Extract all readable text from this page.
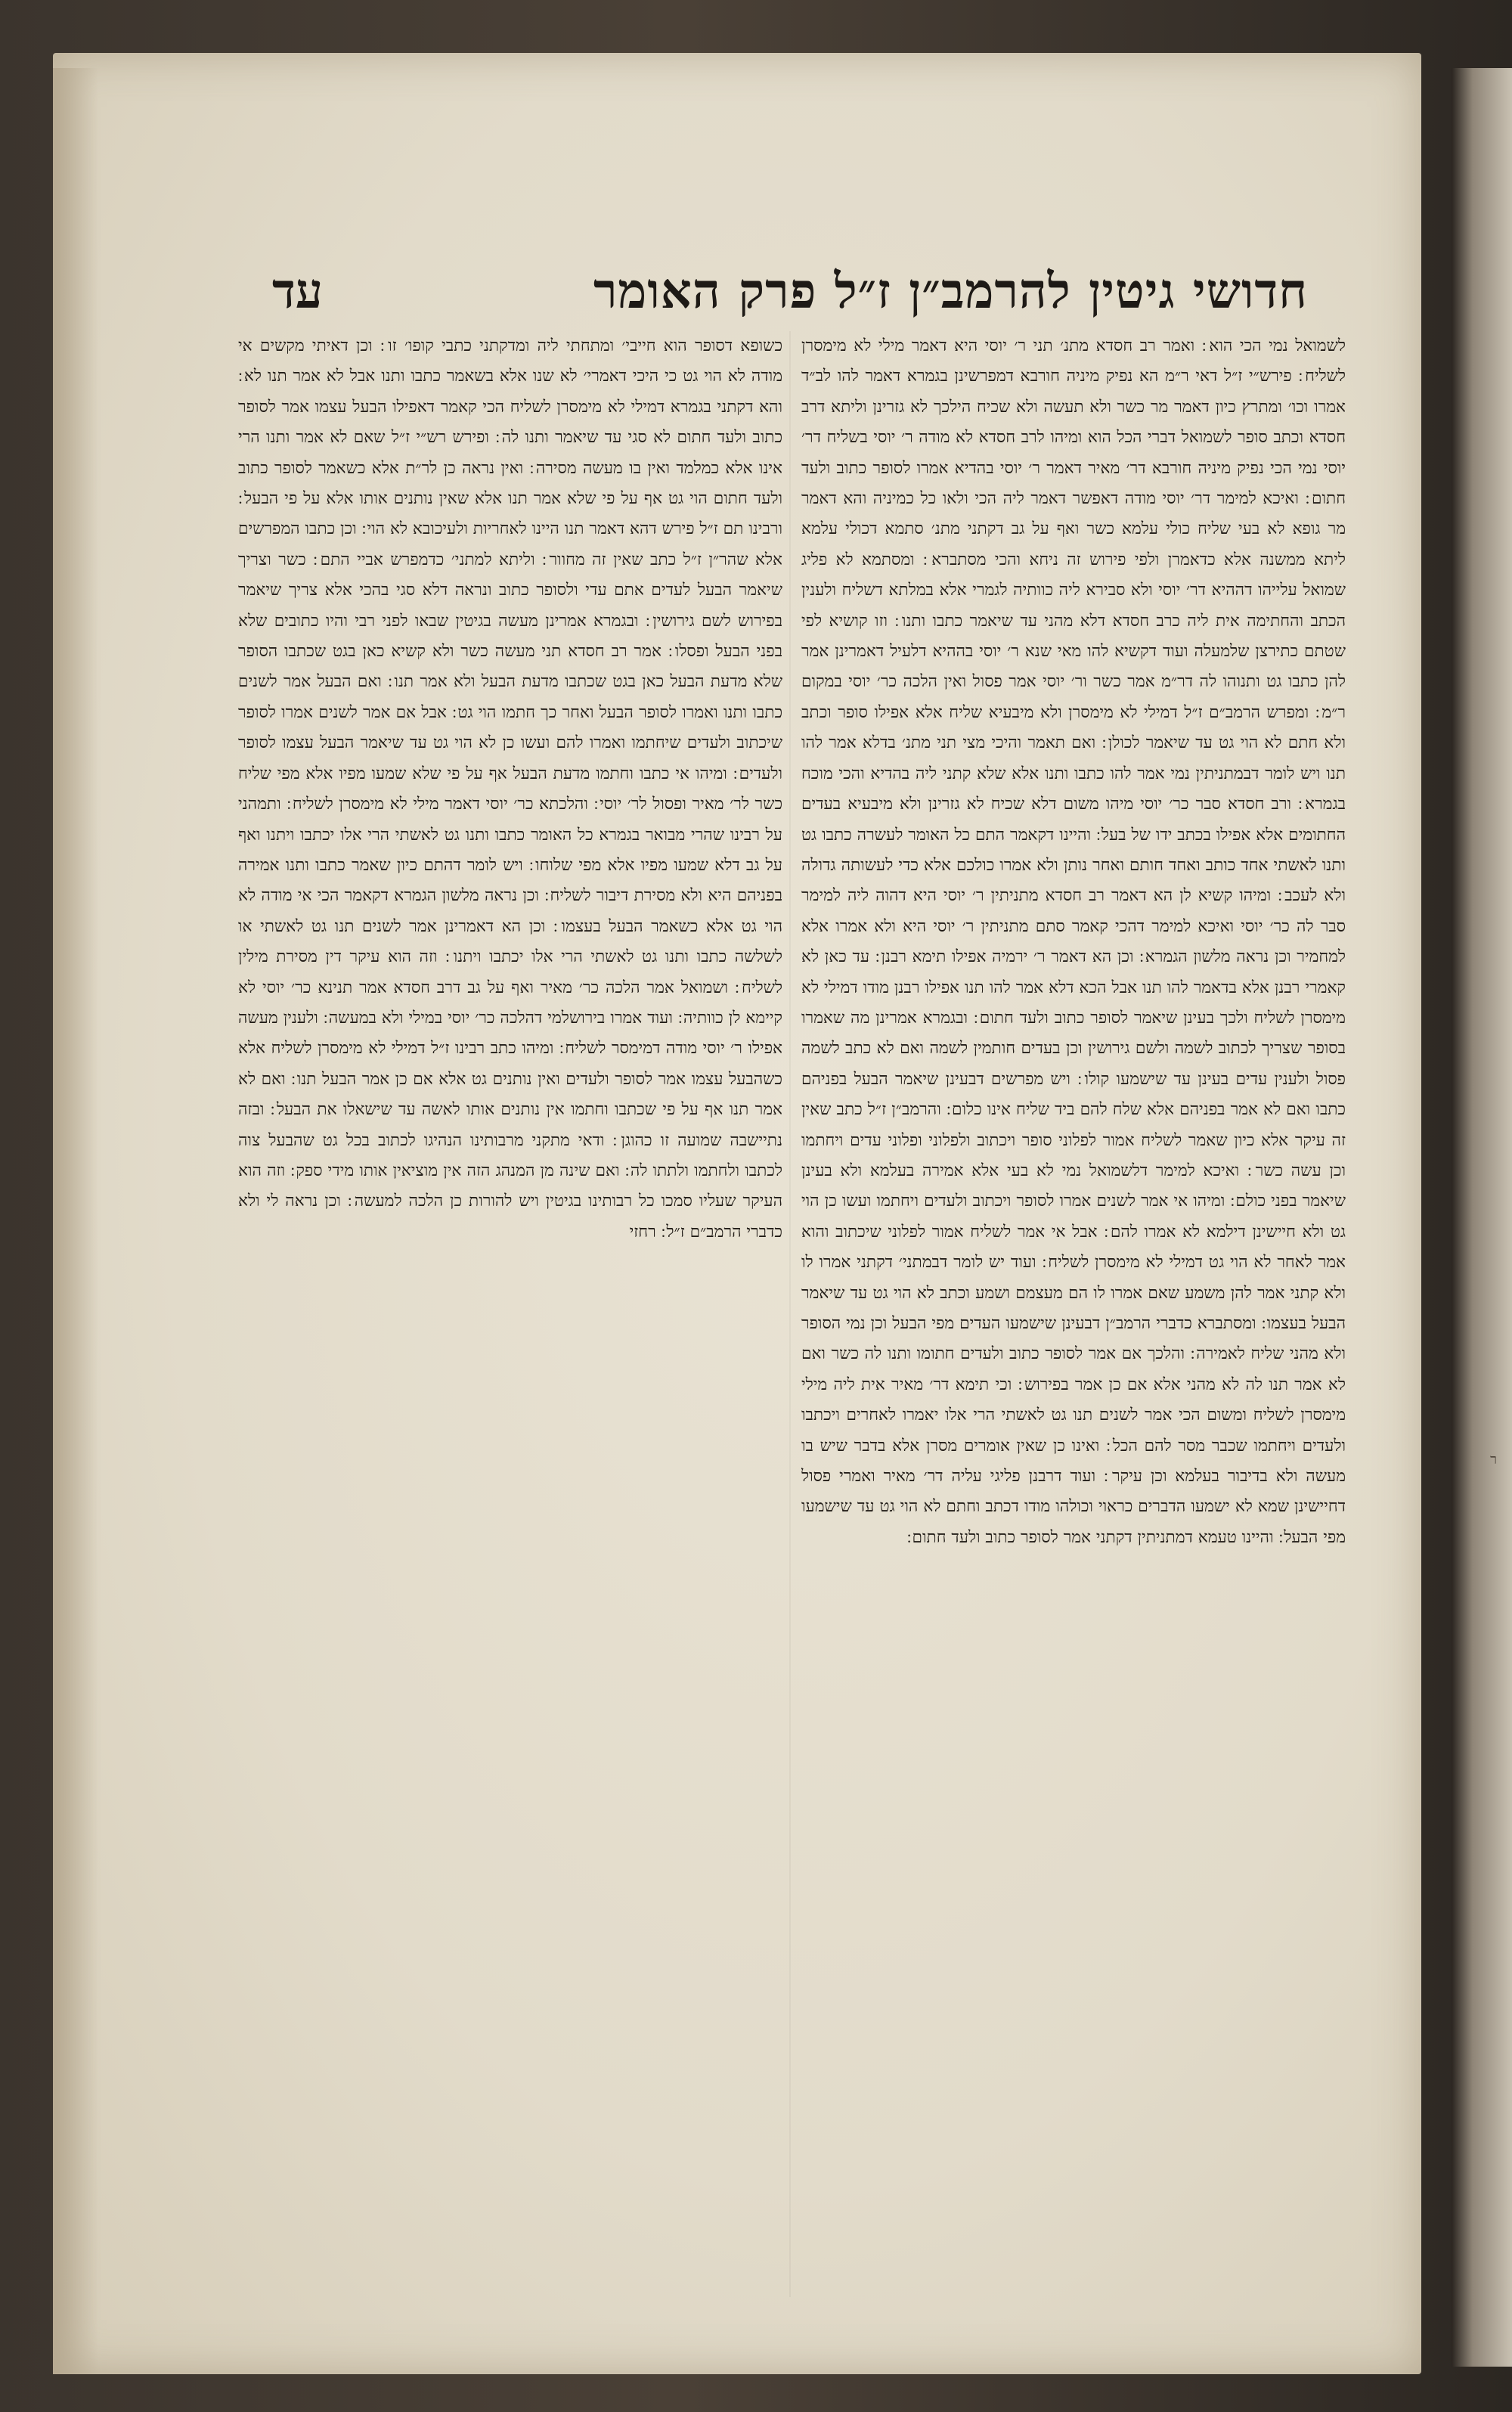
חדושי גיטין להרמב״ן ז״ל פרק האומר
עד
לשמואל נמי הכי הוא ׃ ואמר רב חסדא מתנ׳ תני ר׳ יוסי היא דאמר מילי לא מימסרן לשליח ׃ פירש״י ז״ל דאי ר״מ הא נפיק מיניה חורבא דמפרשינן בגמרא דאמר להו לב״ד אמרו וכו׳ ומתרץ כיון דאמר מר כשר ולא תעשה ולא שכיח הילכך לא גזרינן וליתא דרב חסדא וכתב סופר לשמואל דברי הכל הוא ומיהו לרב חסדא לא מודה ר׳ יוסי בשליח דר׳ יוסי נמי הכי נפיק מיניה חורבא דר׳ מאיר דאמר ר׳ יוסי בהדיא אמרו לסופר כתוב ולעד חתום ׃ ואיכא למימר דר׳ יוסי מודה דאפשר דאמר ליה הכי ולאו כל כמיניה והא דאמר מר גופא לא בעי שליח כולי עלמא כשר ואף על גב דקתני מתנ׳ סתמא דכולי עלמא ליתא ממשנה אלא כדאמרן ולפי פירוש זה ניחא והכי מסתברא ׃ ומסתמא לא פליג שמואל עלייהו דההיא דר׳ יוסי ולא סבירא ליה כוותיה לגמרי אלא במלתא דשליח ולענין הכתב והחתימה אית ליה כרב חסדא דלא מהני עד שיאמר כתבו ותנו ׃ וזו קושיא לפי שטתם כתירצן שלמעלה ועוד דקשיא להו מאי שנא ר׳ יוסי בההיא דלעיל דאמרינן אמר להן כתבו גט ותנוהו לה דר״מ אמר כשר ור׳ יוסי אמר פסול ואין הלכה כר׳ יוסי במקום ר״מ ׃ ומפרש הרמב״ם ז״ל דמילי לא מימסרן ולא מיבעיא שליח אלא אפילו סופר וכתב ולא חתם לא הוי גט עד שיאמר לכולן ׃ ואם תאמר והיכי מצי תני מתנ׳ בדלא אמר להו תנו ויש לומר דבמתניתין נמי אמר להו כתבו ותנו אלא שלא קתני ליה בהדיא והכי מוכח בגמרא ׃ ורב חסדא סבר כר׳ יוסי מיהו משום דלא שכיח לא גזרינן ולא מיבעיא בעדים החתומים אלא אפילו בכתב ידו של בעל ׃ והיינו דקאמר התם כל האומר לעשרה כתבו גט ותנו לאשתי אחד כותב ואחד חותם ואחר נותן ולא אמרו כולכם אלא כדי לעשותה גדולה ולא לעכב ׃ ומיהו קשיא לן הא דאמר רב חסדא מתניתין ר׳ יוסי היא דהוה ליה למימר סבר לה כר׳ יוסי ואיכא למימר דהכי קאמר סתם מתניתין ר׳ יוסי היא ולא אמרו אלא למחמיר וכן נראה מלשון הגמרא ׃ וכן הא דאמר ר׳ ירמיה אפילו תימא רבנן ׃ עד כאן לא קאמרי רבנן אלא בדאמר להו תנו אבל הכא דלא אמר להו תנו אפילו רבנן מודו דמילי לא מימסרן לשליח ולכך בעינן שיאמר לסופר כתוב ולעד חתום ׃ ובגמרא אמרינן מה שאמרו בסופר שצריך לכתוב לשמה ולשם גירושין וכן בעדים חותמין לשמה ואם לא כתב לשמה פסול ולענין עדים בעינן עד שישמעו קולו ׃ ויש מפרשים דבעינן שיאמר הבעל בפניהם כתבו ואם לא אמר בפניהם אלא שלח להם ביד שליח אינו כלום ׃ והרמב״ן ז״ל כתב שאין זה עיקר אלא כיון שאמר לשליח אמור לפלוני סופר ויכתוב ולפלוני ופלוני עדים ויחתמו וכן עשה כשר ׃ ואיכא למימר דלשמואל נמי לא בעי אלא אמירה בעלמא ולא בעינן שיאמר בפני כולם ׃ ומיהו אי אמר לשנים אמרו לסופר ויכתוב ולעדים ויחתמו ועשו כן הוי גט ולא חיישינן דילמא לא אמרו להם ׃ אבל אי אמר לשליח אמור לפלוני שיכתוב והוא אמר לאחר לא הוי גט דמילי לא מימסרן לשליח ׃ ועוד יש לומר דבמתני׳ דקתני אמרו לו ולא קתני אמר להן משמע שאם אמרו לו הם מעצמם ושמע וכתב לא הוי גט עד שיאמר הבעל בעצמו ׃ ומסתברא כדברי הרמב״ן דבעינן שישמעו העדים מפי הבעל וכן נמי הסופר ולא מהני שליח לאמירה ׃ והלכך אם אמר לסופר כתוב ולעדים חתומו ותנו לה כשר ואם לא אמר תנו לה לא מהני אלא אם כן אמר בפירוש ׃ וכי תימא דר׳ מאיר אית ליה מילי מימסרן לשליח ומשום הכי אמר לשנים תנו גט לאשתי הרי אלו יאמרו לאחרים ויכתבו ולעדים ויחתמו שכבר מסר להם הכל ׃ ואינו כן שאין אומרים מסרן אלא בדבר שיש בו מעשה ולא בדיבור בעלמא וכן עיקר ׃ ועוד דרבנן פליגי עליה דר׳ מאיר ואמרי פסול דחיישינן שמא לא ישמעו הדברים כראוי וכולהו מודו דכתב וחתם לא הוי גט עד שישמעו מפי הבעל ׃ והיינו טעמא דמתניתין דקתני אמר לסופר כתוב ולעד חתום ׃
כשופא דסופר הוא חייבי׳ ומתחתי ליה ומדקתני כתבי קופו׳ זו ׃ וכן דאיתי מקשים אי מודה לא הוי גט כי היכי דאמרי׳ לא שנו אלא בשאמר כתבו ותנו אבל לא אמר תנו לא ׃ והא דקתני בגמרא דמילי לא מימסרן לשליח הכי קאמר דאפילו הבעל עצמו אמר לסופר כתוב ולעד חתום לא סגי עד שיאמר ותנו לה ׃ ופירש רש״י ז״ל שאם לא אמר ותנו הרי אינו אלא כמלמד ואין בו מעשה מסירה ׃ ואין נראה כן לר״ת אלא כשאמר לסופר כתוב ולעד חתום הוי גט אף על פי שלא אמר תנו אלא שאין נותנים אותו אלא על פי הבעל ׃ ורבינו תם ז״ל פירש דהא דאמר תנו היינו לאחריות ולעיכובא לא הוי ׃ וכן כתבו המפרשים אלא שהר״ן ז״ל כתב שאין זה מחוור ׃ וליתא למתני׳ כדמפרש אביי התם ׃ כשר וצריך שיאמר הבעל לעדים אתם עדי ולסופר כתוב ונראה דלא סגי בהכי אלא צריך שיאמר בפירוש לשם גירושין ׃ ובגמרא אמרינן מעשה בגיטין שבאו לפני רבי והיו כתובים שלא בפני הבעל ופסלו ׃ אמר רב חסדא תני מעשה כשר ולא קשיא כאן בגט שכתבו הסופר שלא מדעת הבעל כאן בגט שכתבו מדעת הבעל ולא אמר תנו ׃ ואם הבעל אמר לשנים כתבו ותנו ואמרו לסופר הבעל ואחר כך חתמו הוי גט ׃ אבל אם אמר לשנים אמרו לסופר שיכתוב ולעדים שיחתמו ואמרו להם ועשו כן לא הוי גט עד שיאמר הבעל עצמו לסופר ולעדים ׃ ומיהו אי כתבו וחתמו מדעת הבעל אף על פי שלא שמעו מפיו אלא מפי שליח כשר לר׳ מאיר ופסול לר׳ יוסי ׃ והלכתא כר׳ יוסי דאמר מילי לא מימסרן לשליח ׃ ותמהני על רבינו שהרי מבואר בגמרא כל האומר כתבו ותנו גט לאשתי הרי אלו יכתבו ויתנו ואף על גב דלא שמעו מפיו אלא מפי שלוחו ׃ ויש לומר דהתם כיון שאמר כתבו ותנו אמירה בפניהם היא ולא מסירת דיבור לשליח ׃ וכן נראה מלשון הגמרא דקאמר הכי אי מודה לא הוי גט אלא כשאמר הבעל בעצמו ׃ וכן הא דאמרינן אמר לשנים תנו גט לאשתי או לשלשה כתבו ותנו גט לאשתי הרי אלו יכתבו ויתנו ׃ וזה הוא עיקר דין מסירת מילין לשליח ׃ ושמואל אמר הלכה כר׳ מאיר ואף על גב דרב חסדא אמר תנינא כר׳ יוסי לא קיימא לן כוותיה ׃ ועוד אמרו בירושלמי דהלכה כר׳ יוסי במילי ולא במעשה ׃ ולענין מעשה אפילו ר׳ יוסי מודה דמימסר לשליח ׃ ומיהו כתב רבינו ז״ל דמילי לא מימסרן לשליח אלא כשהבעל עצמו אמר לסופר ולעדים ואין נותנים גט אלא אם כן אמר הבעל תנו ׃ ואם לא אמר תנו אף על פי שכתבו וחתמו אין נותנים אותו לאשה עד שישאלו את הבעל ׃ ובזה נתיישבה שמועה זו כהוגן ׃ ודאי מתקני מרבותינו הנהיגו לכתוב בכל גט שהבעל צוה לכתבו ולחתמו ולתתו לה ׃ ואם שינה מן המנהג הזה אין מוציאין אותו מידי ספק ׃ וזה הוא העיקר שעליו סמכו כל רבותינו בגיטין ויש להורות כן הלכה למעשה ׃ וכן נראה לי ולא כדברי הרמב״ם ז״ל ׃ רחזי
ר
